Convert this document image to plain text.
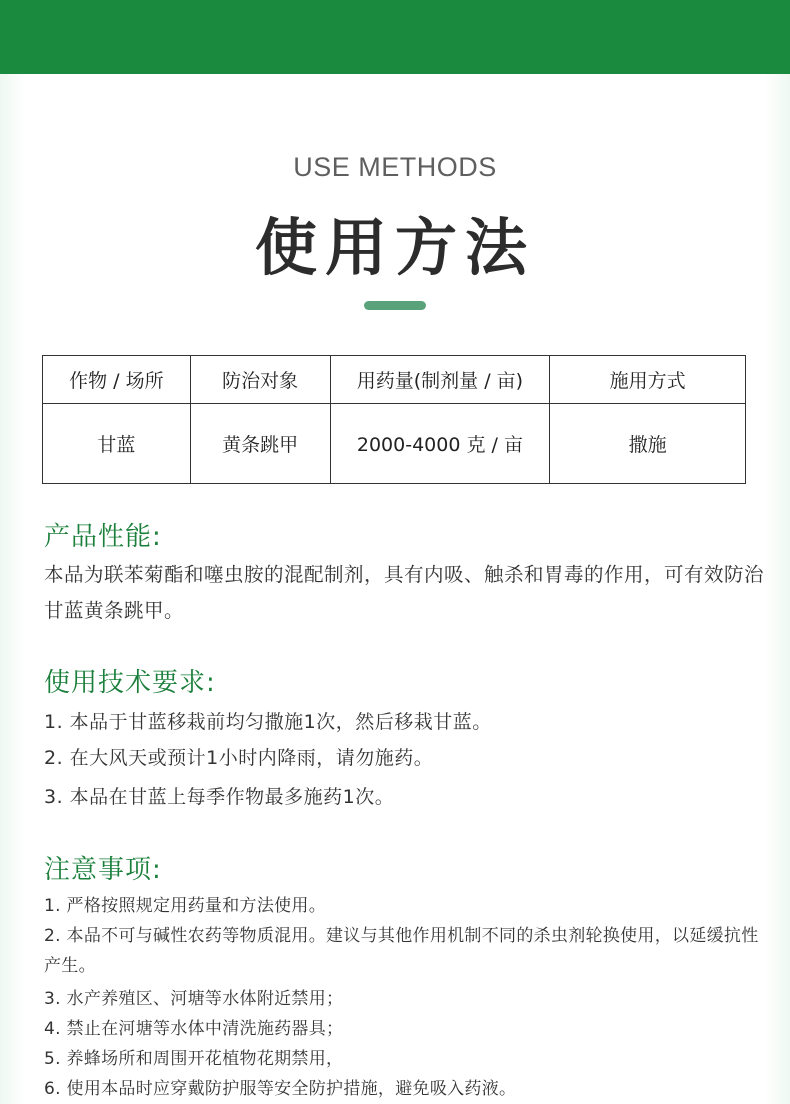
USE METHODS
使用方法
作物 / 场所	防治对象	用药量(制剂量 / 亩)	施用方式
甘蓝	黄条跳甲	2000-4000 克 / 亩	撒施
产品性能:
本品为联苯菊酯和噻虫胺的混配制剂，具有内吸、触杀和胃毒的作用，可有效防治甘蓝黄条跳甲。
使用技术要求:
1. 本品于甘蓝移栽前均匀撒施1次，然后移栽甘蓝。
2. 在大风天或预计1小时内降雨，请勿施药。
3. 本品在甘蓝上每季作物最多施药1次。
注意事项:
1. 严格按照规定用药量和方法使用。
2. 本品不可与碱性农药等物质混用。建议与其他作用机制不同的杀虫剂轮换使用，以延缓抗性产生。
3. 水产养殖区、河塘等水体附近禁用；
4. 禁止在河塘等水体中清洗施药器具；
5. 养蜂场所和周围开花植物花期禁用，
6. 使用本品时应穿戴防护服等安全防护措施，避免吸入药液。
